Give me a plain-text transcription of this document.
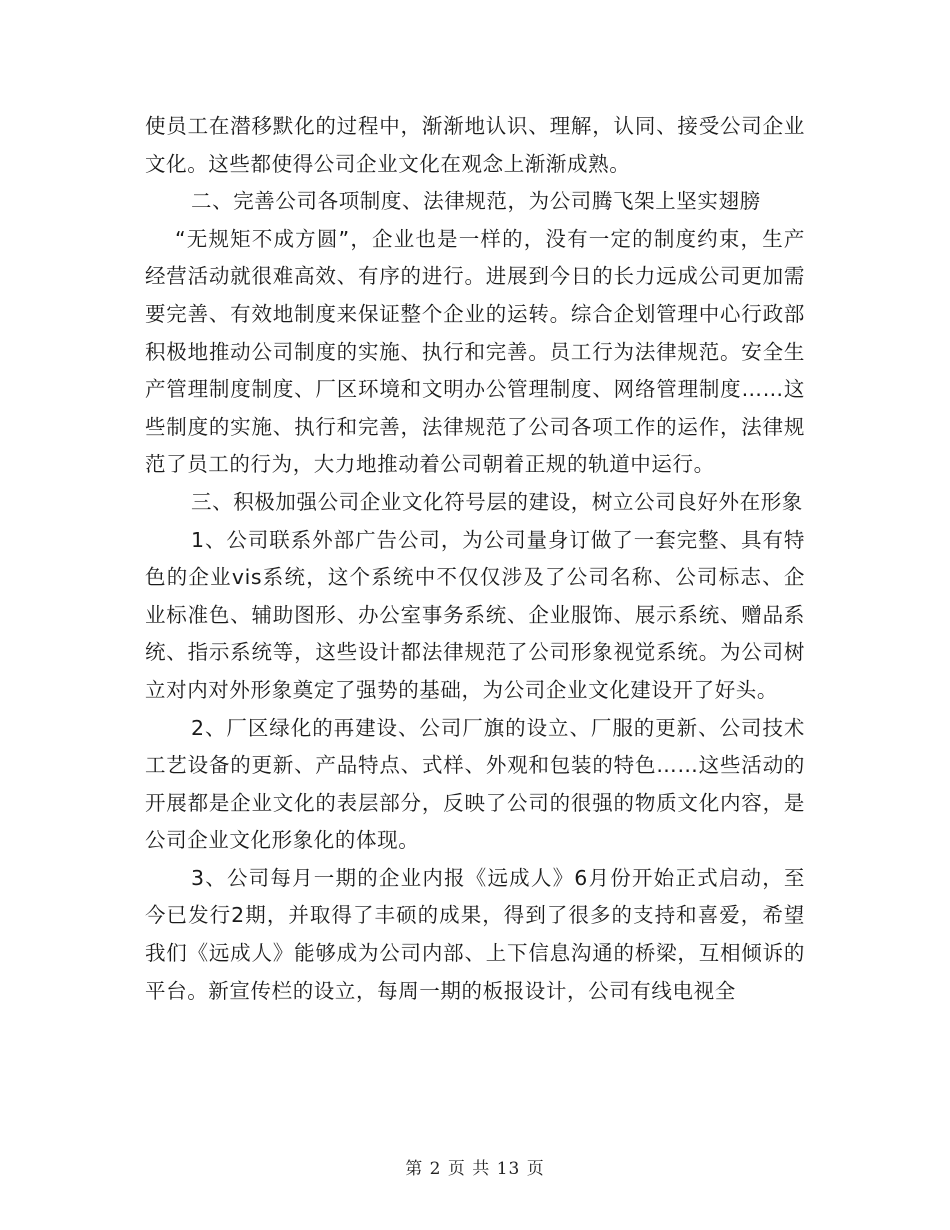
使员工在潜移默化的过程中，渐渐地认识、理解，认同、接受公司企业文化。这些都使得公司企业文化在观念上渐渐成熟。

二、完善公司各项制度、法律规范，为公司腾飞架上坚实翅膀

“无规矩不成方圆”，企业也是一样的，没有一定的制度约束，生产经营活动就很难高效、有序的进行。进展到今日的长力远成公司更加需要完善、有效地制度来保证整个企业的运转。综合企划管理中心行政部积极地推动公司制度的实施、执行和完善。员工行为法律规范。安全生产管理制度制度、厂区环境和文明办公管理制度、网络管理制度……这些制度的实施、执行和完善，法律规范了公司各项工作的运作，法律规范了员工的行为，大力地推动着公司朝着正规的轨道中运行。

三、积极加强公司企业文化符号层的建设，树立公司良好外在形象

1、公司联系外部广告公司，为公司量身订做了一套完整、具有特色的企业vis系统，这个系统中不仅仅涉及了公司名称、公司标志、企业标准色、辅助图形、办公室事务系统、企业服饰、展示系统、赠品系统、指示系统等，这些设计都法律规范了公司形象视觉系统。为公司树立对内对外形象奠定了强势的基础，为公司企业文化建设开了好头。

2、厂区绿化的再建设、公司厂旗的设立、厂服的更新、公司技术工艺设备的更新、产品特点、式样、外观和包装的特色……这些活动的开展都是企业文化的表层部分，反映了公司的很强的物质文化内容，是公司企业文化形象化的体现。

3、公司每月一期的企业内报《远成人》6月份开始正式启动，至今已发行2期，并取得了丰硕的成果，得到了很多的支持和喜爱，希望我们《远成人》能够成为公司内部、上下信息沟通的桥梁，互相倾诉的平台。新宣传栏的设立，每周一期的板报设计，公司有线电视全

第 2 页 共 13 页
